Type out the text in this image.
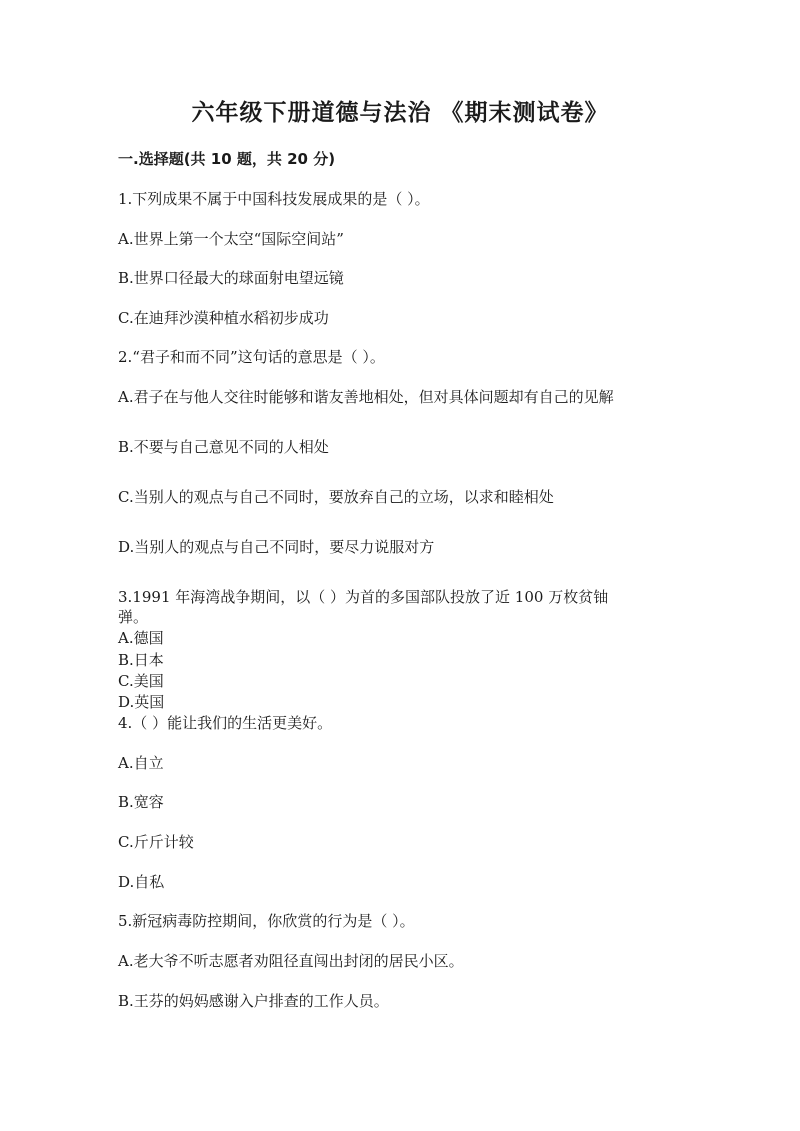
六年级下册道德与法治 《期末测试卷》
一.选择题(共 10 题，共 20 分)
1.下列成果不属于中国科技发展成果的是（ ）。
A.世界上第一个太空“国际空间站”
B.世界口径最大的球面射电望远镜
C.在迪拜沙漠种植水稻初步成功
2.“君子和而不同”这句话的意思是（ ）。
A.君子在与他人交往时能够和谐友善地相处，但对具体问题却有自己的见解
B.不要与自己意见不同的人相处
C.当别人的观点与自己不同时，要放弃自己的立场，以求和睦相处
D.当别人的观点与自己不同时，要尽力说服对方
3.1991 年海湾战争期间，以（ ）为首的多国部队投放了近 100 万枚贫铀
弹。
A.德国
B.日本
C.美国
D.英国
4.（ ）能让我们的生活更美好。
A.自立
B.宽容
C.斤斤计较
D.自私
5.新冠病毒防控期间，你欣赏的行为是（ ）。
A.老大爷不听志愿者劝阻径直闯出封闭的居民小区。
B.王芬的妈妈感谢入户排查的工作人员。
